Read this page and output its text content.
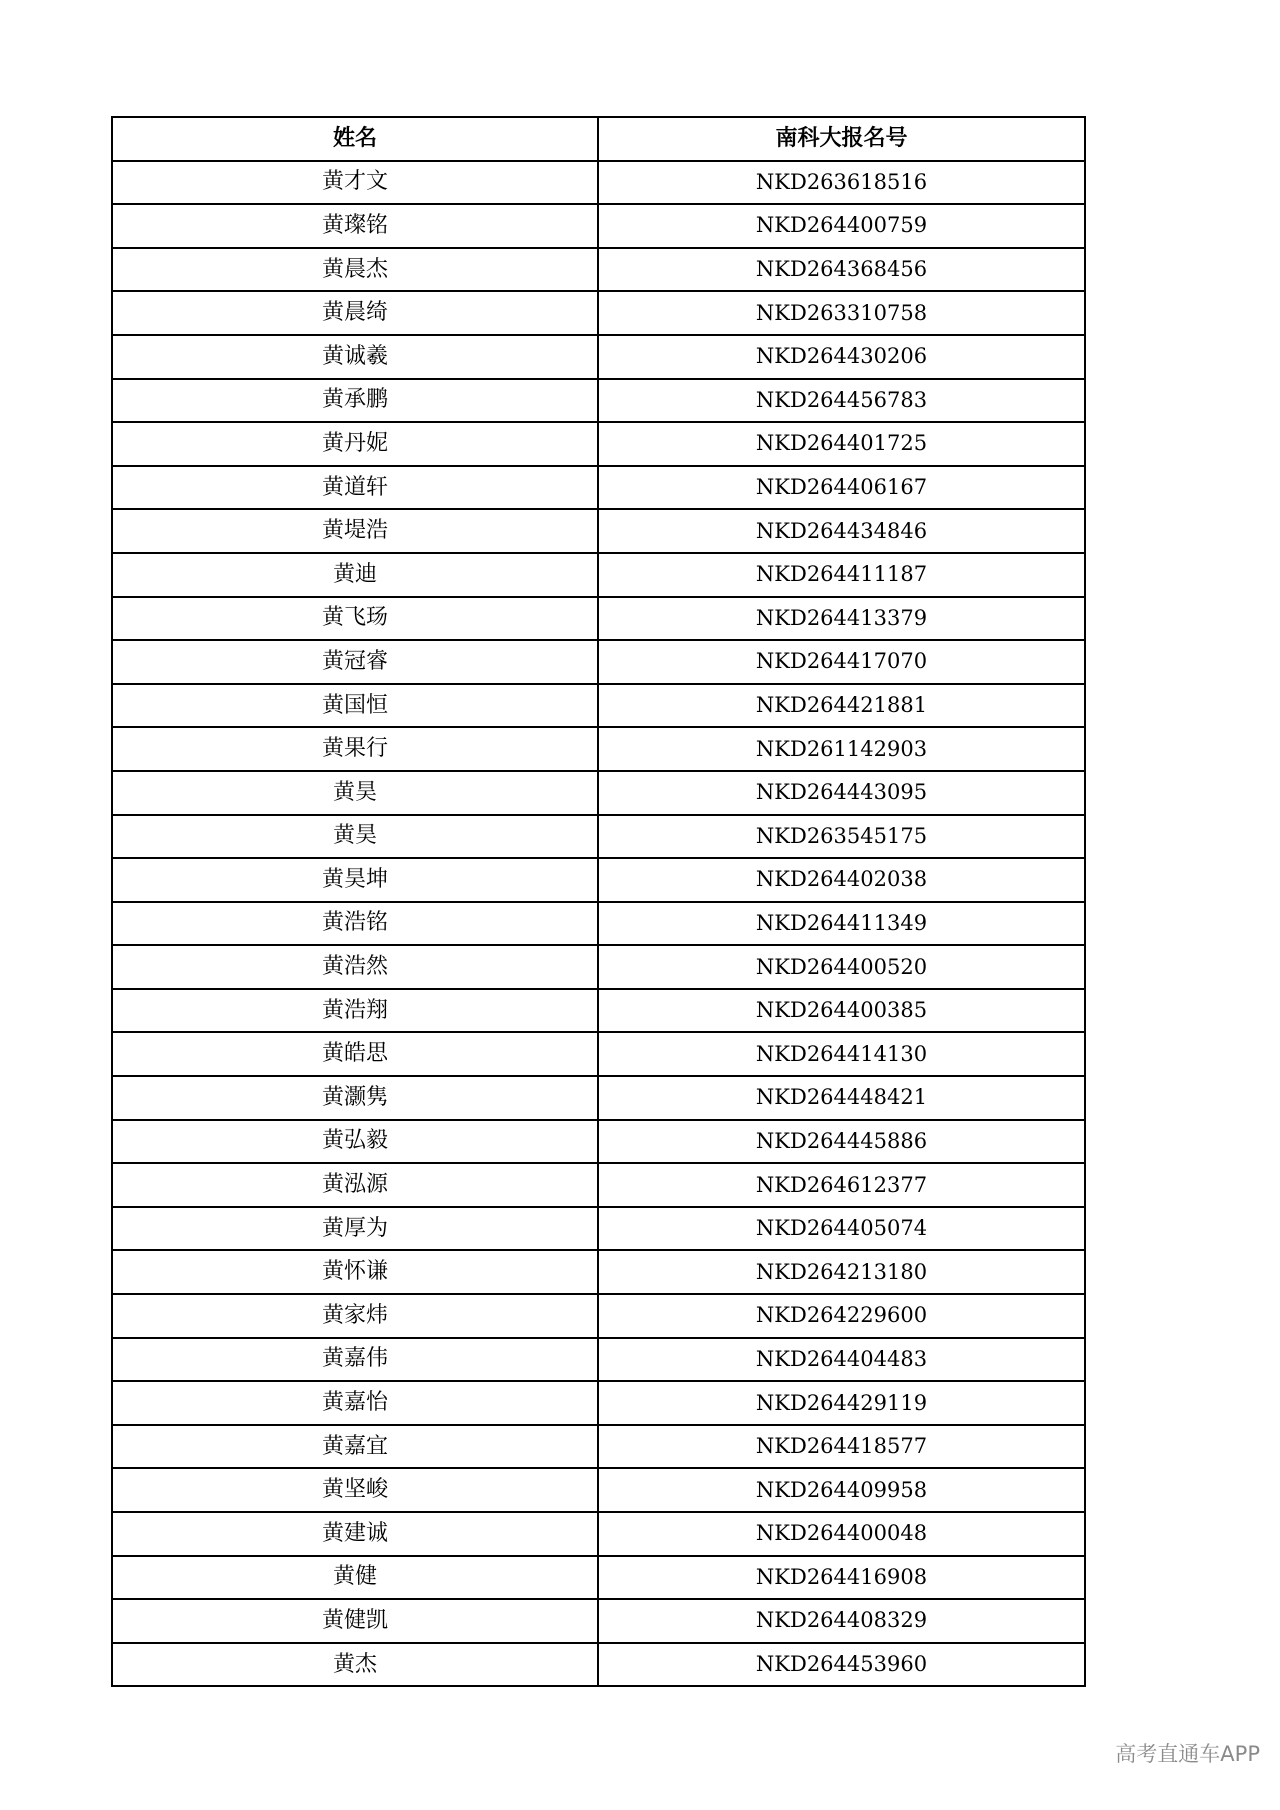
姓名	南科大报名号
黄才文	NKD263618516
黄璨铭	NKD264400759
黄晨杰	NKD264368456
黄晨绮	NKD263310758
黄诚羲	NKD264430206
黄承鹏	NKD264456783
黄丹妮	NKD264401725
黄道轩	NKD264406167
黄堤浩	NKD264434846
黄迪	NKD264411187
黄飞玚	NKD264413379
黄冠睿	NKD264417070
黄国恒	NKD264421881
黄果行	NKD261142903
黄昊	NKD264443095
黄昊	NKD263545175
黄昊坤	NKD264402038
黄浩铭	NKD264411349
黄浩然	NKD264400520
黄浩翔	NKD264400385
黄皓思	NKD264414130
黄灏隽	NKD264448421
黄弘毅	NKD264445886
黄泓源	NKD264612377
黄厚为	NKD264405074
黄怀谦	NKD264213180
黄家炜	NKD264229600
黄嘉伟	NKD264404483
黄嘉怡	NKD264429119
黄嘉宜	NKD264418577
黄坚峻	NKD264409958
黄建诚	NKD264400048
黄健	NKD264416908
黄健凯	NKD264408329
黄杰	NKD264453960
高考直通车APP
